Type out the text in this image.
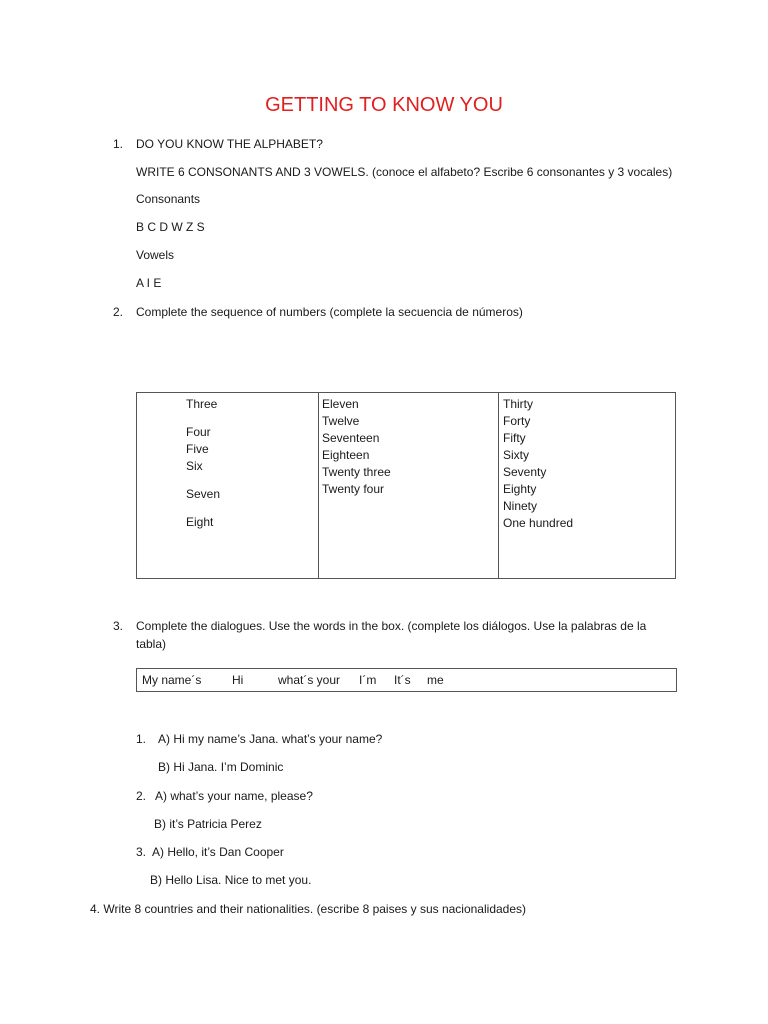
GETTING TO KNOW YOU
1. DO YOU KNOW THE ALPHABET?
WRITE 6 CONSONANTS AND 3 VOWELS. (conoce el alfabeto? Escribe 6 consonantes y 3 vocales)
Consonants
B C D W Z S
Vowels
A I E
2. Complete the sequence of numbers (complete la secuencia de números)
Three
Four
Five
Six
Seven
Eight
Eleven
Twelve
Seventeen
Eighteen
Twenty three
Twenty four
Thirty
Forty
Fifty
Sixty
Seventy
Eighty
Ninety
One hundred
3. Complete the dialogues. Use the words in the box. (complete los diálogos. Use la palabras de la
tabla)
My name´s	Hi	what´s your I´m It´s me
1. A) Hi my name’s Jana. what’s your name?
B) Hi Jana. I’m Dominic
2. A) what’s your name, please?
B) it’s Patricia Perez
3. A) Hello, it’s Dan Cooper
B) Hello Lisa. Nice to met you.
4. Write 8 countries and their nationalities. (escribe 8 paises y sus nacionalidades)
